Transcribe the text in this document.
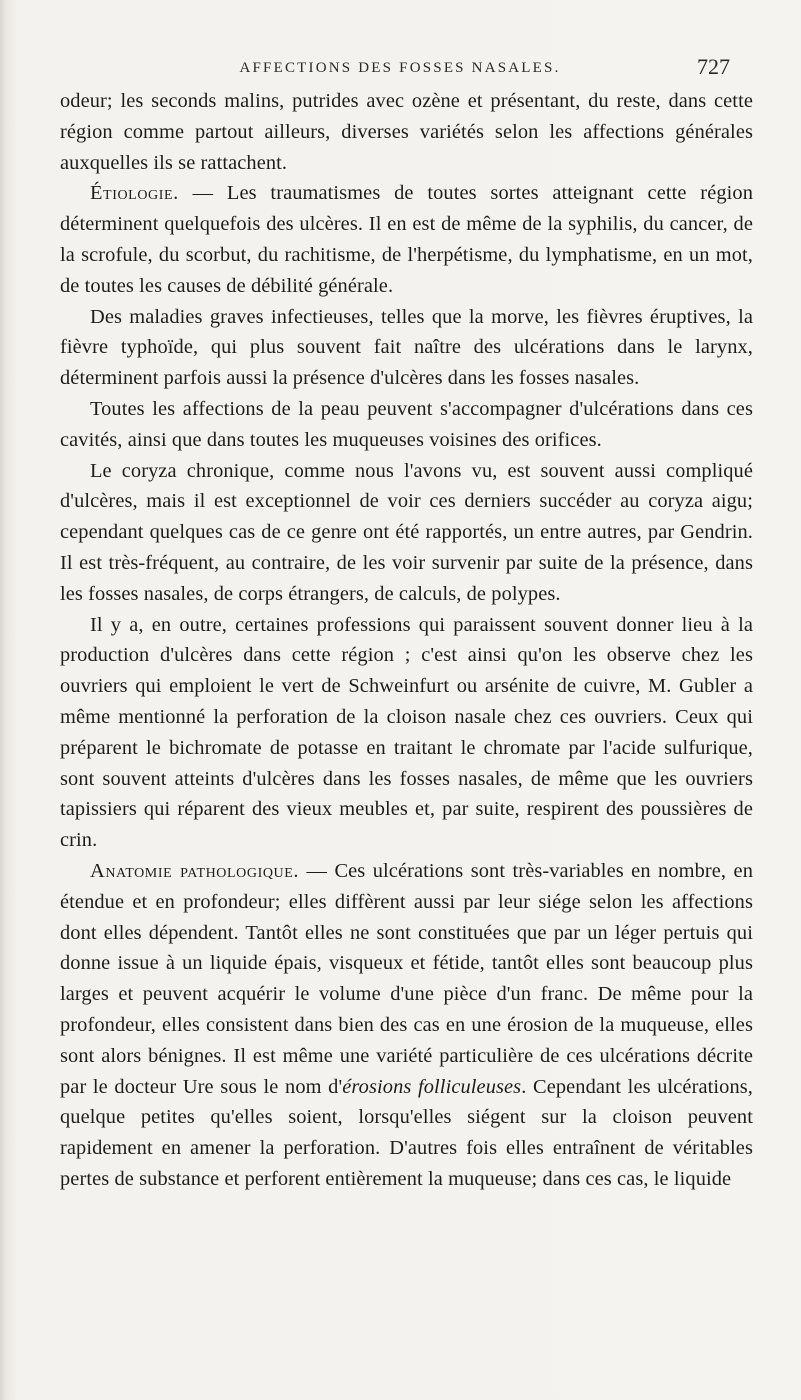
AFFECTIONS DES FOSSES NASALES.	727

odeur; les seconds malins, putrides avec ozène et présentant, du reste, dans cette région comme partout ailleurs, diverses variétés selon les affections générales auxquelles ils se rattachent.

Étiologie. — Les traumatismes de toutes sortes atteignant cette région déterminent quelquefois des ulcères. Il en est de même de la syphilis, du cancer, de la scrofule, du scorbut, du rachitisme, de l'herpétisme, du lymphatisme, en un mot, de toutes les causes de débilité générale.

Des maladies graves infectieuses, telles que la morve, les fièvres éruptives, la fièvre typhoïde, qui plus souvent fait naître des ulcérations dans le larynx, déterminent parfois aussi la présence d'ulcères dans les fosses nasales.

Toutes les affections de la peau peuvent s'accompagner d'ulcérations dans ces cavités, ainsi que dans toutes les muqueuses voisines des orifices.

Le coryza chronique, comme nous l'avons vu, est souvent aussi compliqué d'ulcères, mais il est exceptionnel de voir ces derniers succéder au coryza aigu; cependant quelques cas de ce genre ont été rapportés, un entre autres, par Gendrin. Il est très-fréquent, au contraire, de les voir survenir par suite de la présence, dans les fosses nasales, de corps étrangers, de calculs, de polypes.

Il y a, en outre, certaines professions qui paraissent souvent donner lieu à la production d'ulcères dans cette région ; c'est ainsi qu'on les observe chez les ouvriers qui emploient le vert de Schweinfurt ou arsénite de cuivre, M. Gubler a même mentionné la perforation de la cloison nasale chez ces ouvriers. Ceux qui préparent le bichromate de potasse en traitant le chromate par l'acide sulfurique, sont souvent atteints d'ulcères dans les fosses nasales, de même que les ouvriers tapissiers qui réparent des vieux meubles et, par suite, respirent des poussières de crin.

Anatomie pathologique. — Ces ulcérations sont très-variables en nombre, en étendue et en profondeur; elles diffèrent aussi par leur siége selon les affections dont elles dépendent. Tantôt elles ne sont constituées que par un léger pertuis qui donne issue à un liquide épais, visqueux et fétide, tantôt elles sont beaucoup plus larges et peuvent acquérir le volume d'une pièce d'un franc. De même pour la profondeur, elles consistent dans bien des cas en une érosion de la muqueuse, elles sont alors bénignes. Il est même une variété particulière de ces ulcérations décrite par le docteur Ure sous le nom d'érosions folliculeuses. Cependant les ulcérations, quelque petites qu'elles soient, lorsqu'elles siégent sur la cloison peuvent rapidement en amener la perforation. D'autres fois elles entraînent de véritables pertes de substance et perforent entièrement la muqueuse; dans ces cas, le liquide
